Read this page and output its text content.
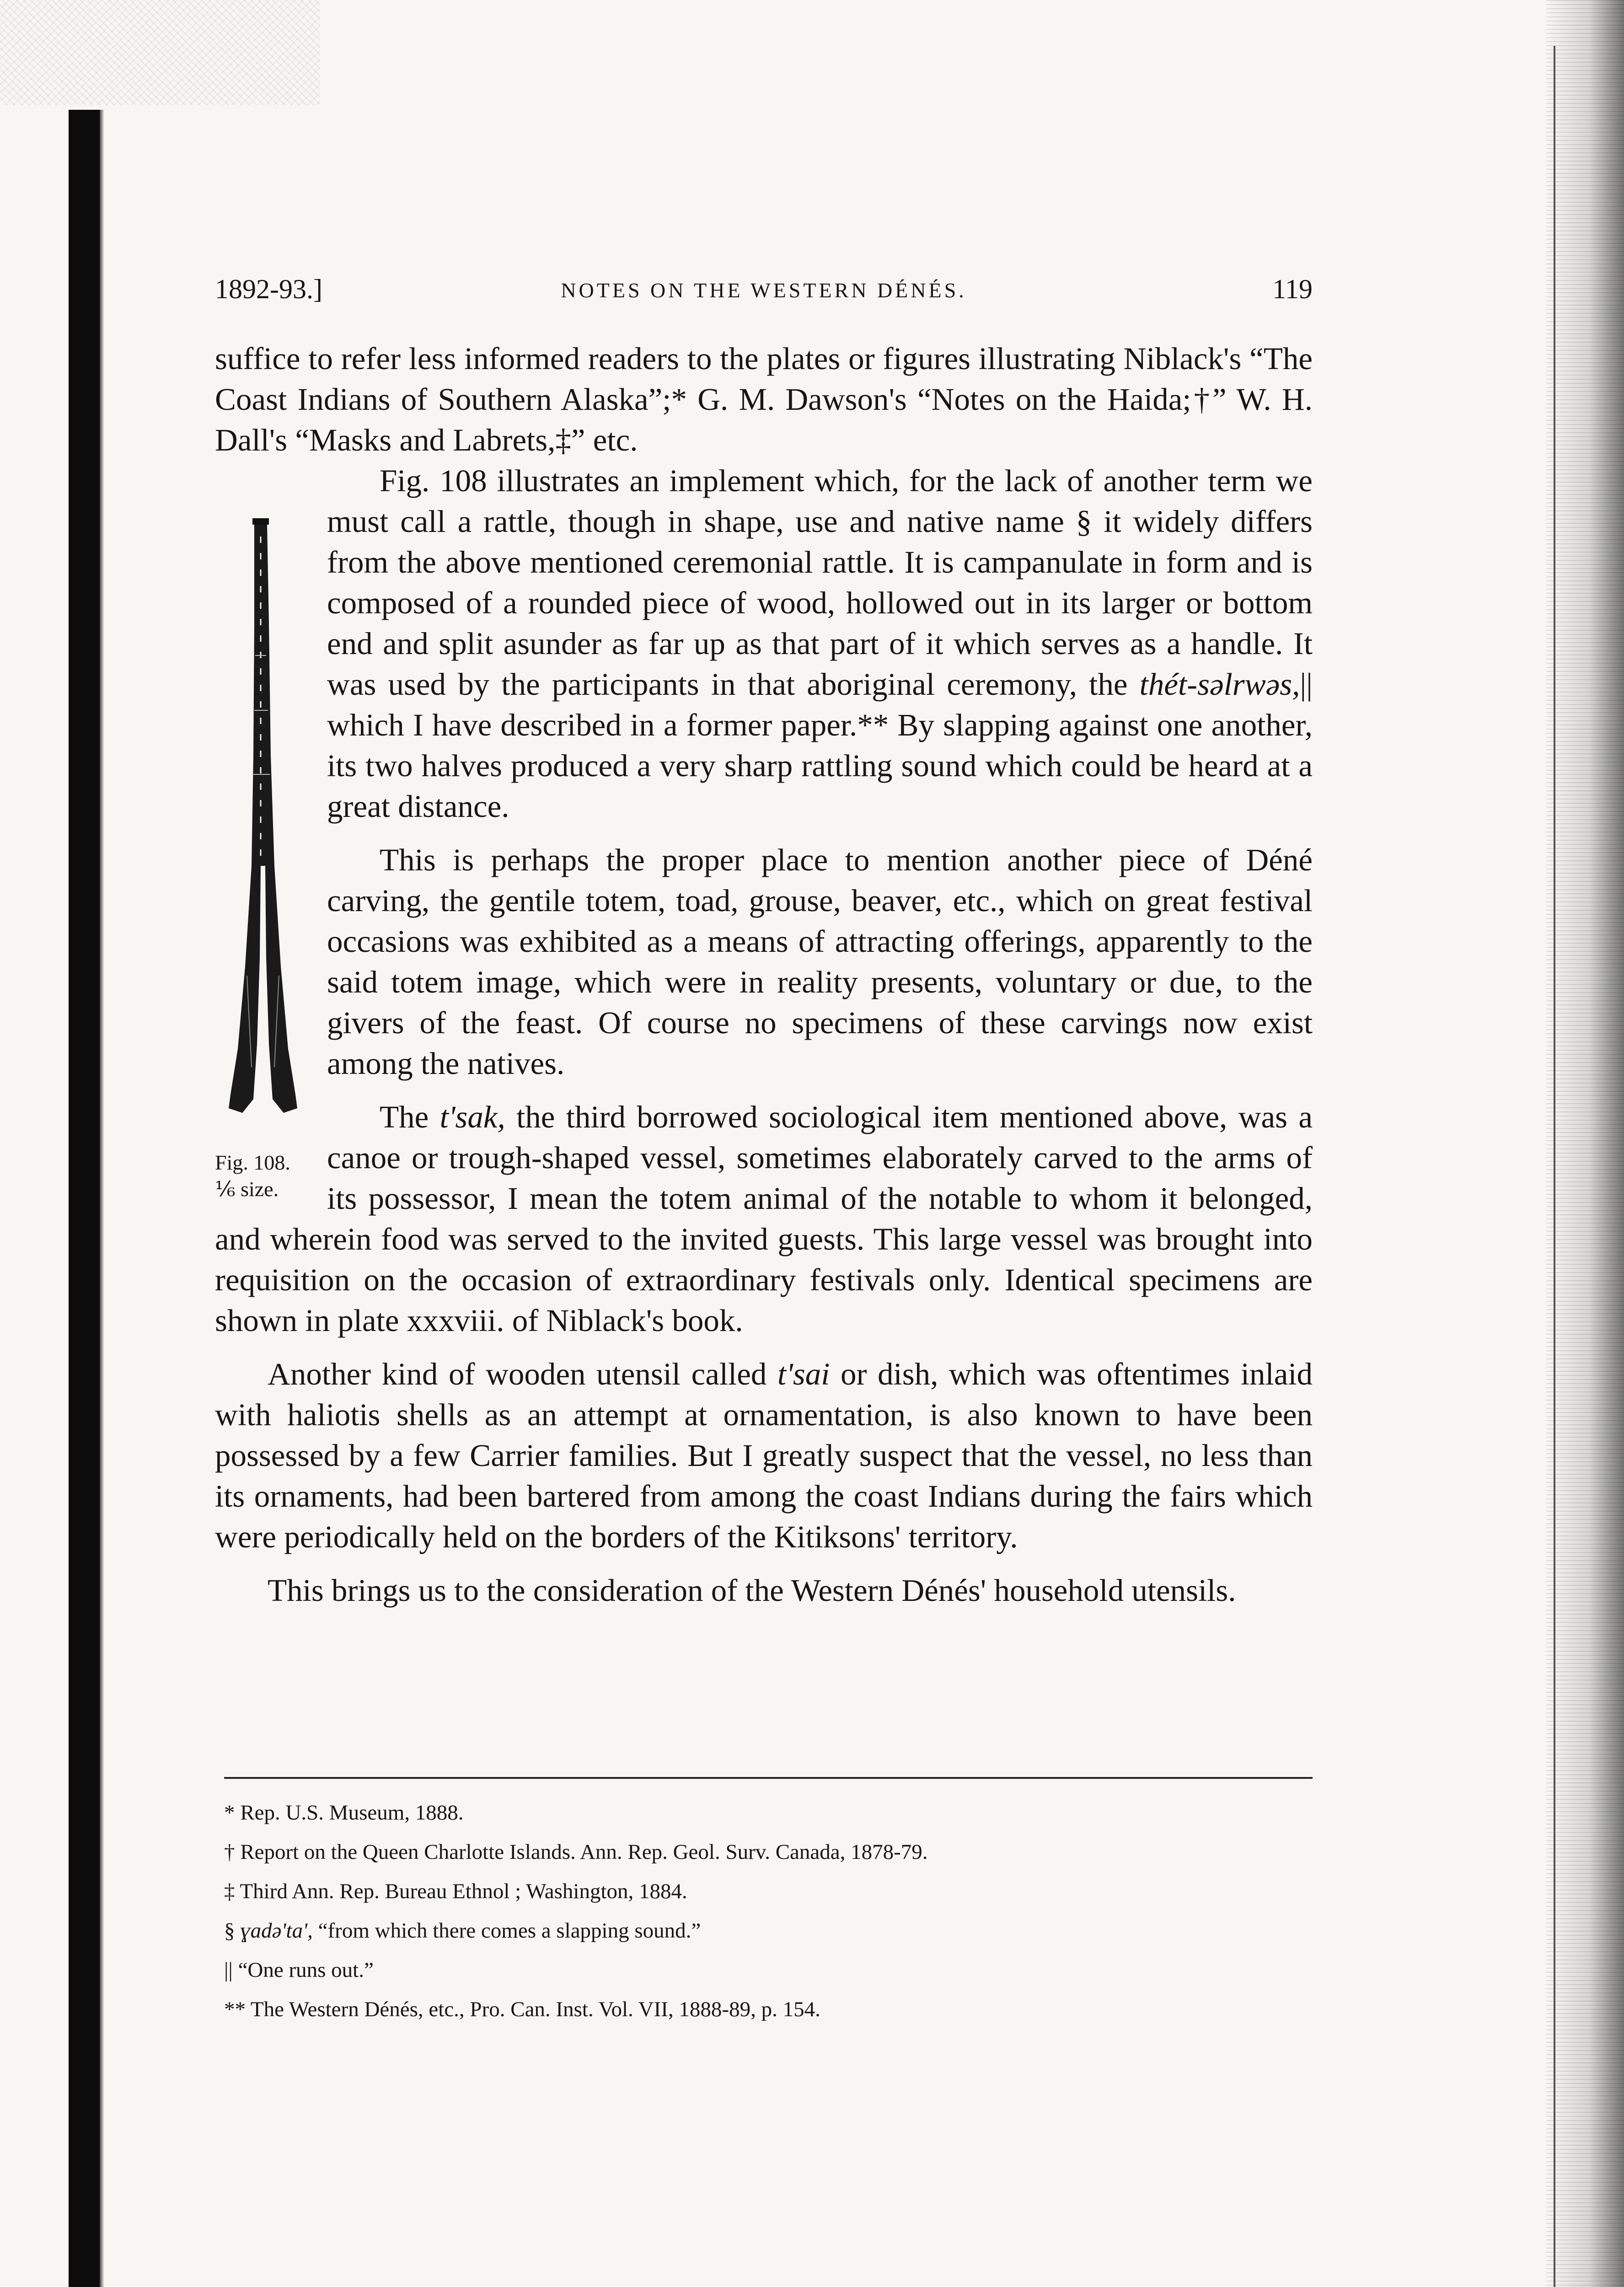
1892-93.]	NOTES ON THE WESTERN DÉNÉS.	119

suffice to refer less informed readers to the plates or figures illustrating Niblack's “The Coast Indians of Southern Alaska”;* G. M. Dawson's “Notes on the Haida;†” W. H. Dall's “Masks and Labrets,‡” etc.

Fig. 108.
⅙ size.

Fig. 108 illustrates an implement which, for the lack of another term we must call a rattle, though in shape, use and native name § it widely differs from the above mentioned ceremonial rattle. It is campanulate in form and is composed of a rounded piece of wood, hollowed out in its larger or bottom end and split asunder as far up as that part of it which serves as a handle. It was used by the participants in that aboriginal ceremony, the thét-səlrwəs,|| which I have described in a former paper.** By slapping against one another, its two halves produced a very sharp rattling sound which could be heard at a great distance.

This is perhaps the proper place to mention another piece of Déné carving, the gentile totem, toad, grouse, beaver, etc., which on great festival occasions was exhibited as a means of attracting offerings, apparently to the said totem image, which were in reality presents, voluntary or due, to the givers of the feast. Of course no specimens of these carvings now exist among the natives.

The t'sak, the third borrowed sociological item mentioned above, was a canoe or trough-shaped vessel, sometimes elaborately carved to the arms of its possessor, I mean the totem animal of the notable to whom it belonged, and wherein food was served to the invited guests. This large vessel was brought into requisition on the occasion of extraordinary festivals only. Identical specimens are shown in plate xxxviii. of Niblack's book.

Another kind of wooden utensil called t'sai or dish, which was oftentimes inlaid with haliotis shells as an attempt at ornamentation, is also known to have been possessed by a few Carrier families. But I greatly suspect that the vessel, no less than its ornaments, had been bartered from among the coast Indians during the fairs which were periodically held on the borders of the Kitiksons' territory.

This brings us to the consideration of the Western Dénés' household utensils.

* Rep. U.S. Museum, 1888.
† Report on the Queen Charlotte Islands. Ann. Rep. Geol. Surv. Canada, 1878-79.
‡ Third Ann. Rep. Bureau Ethnol ; Washington, 1884.
§ ɣadə'ta', “from which there comes a slapping sound.”
|| “One runs out.”
** The Western Dénés, etc., Pro. Can. Inst. Vol. VII, 1888-89, p. 154.
